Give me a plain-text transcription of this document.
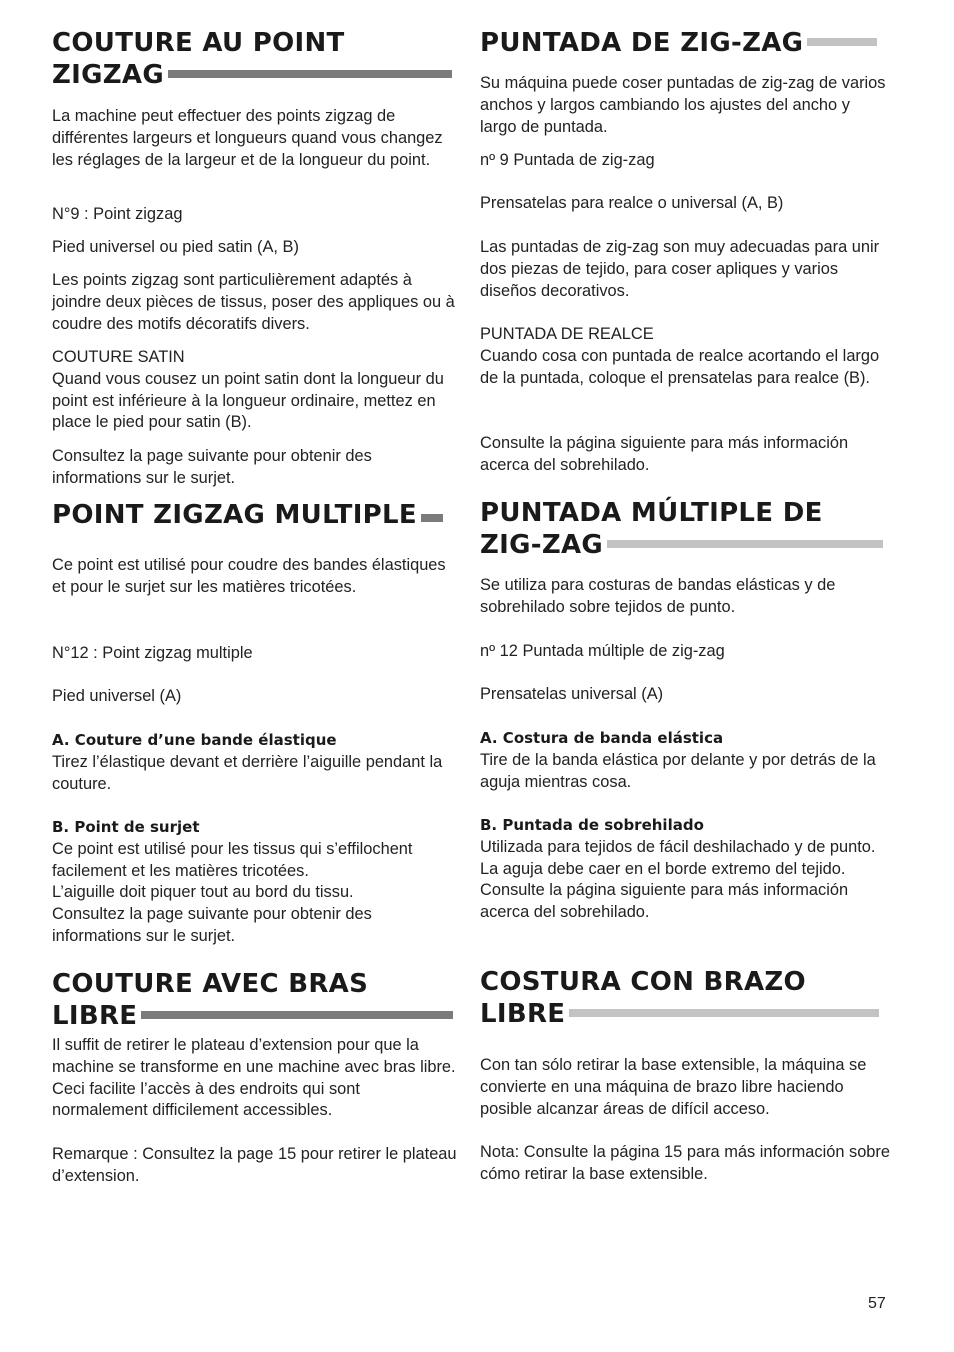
COUTURE AU POINT
ZIGZAG

La machine peut effectuer des points zigzag de différentes largeurs et longueurs quand vous changez les réglages de la largeur et de la longueur du point.

N°9 : Point zigzag

Pied universel ou pied satin (A, B)

Les points zigzag sont particulièrement adaptés à joindre deux pièces de tissus, poser des appliques ou à coudre des motifs décoratifs divers.

COUTURE SATIN

Quand vous cousez un point satin dont la longueur du point est inférieure à la longueur ordinaire, mettez en place le pied pour satin (B).

Consultez la page suivante pour obtenir des informations sur le surjet.

POINT ZIGZAG MULTIPLE

Ce point est utilisé pour coudre des bandes élastiques et pour le surjet sur les matières tricotées.

N°12 : Point zigzag multiple

Pied universel (A)

A. Couture d’une bande élastique

Tirez l’élastique devant et derrière l’aiguille pendant la couture.

B. Point de surjet

Ce point est utilisé pour les tissus qui s’effilochent facilement et les matières tricotées.

L’aiguille doit piquer tout au bord du tissu.

Consultez la page suivante pour obtenir des informations sur le surjet.

COUTURE AVEC BRAS
LIBRE

Il suffit de retirer le plateau d’extension pour que la machine se transforme en une machine avec bras libre. Ceci facilite l’accès à des endroits qui sont normalement difficilement accessibles.

Remarque : Consultez la page 15 pour retirer le plateau d’extension.

PUNTADA DE ZIG-ZAG

Su máquina puede coser puntadas de zig-zag de varios anchos y largos cambiando los ajustes del ancho y largo de puntada.

nº 9 Puntada de zig-zag

Prensatelas para realce o universal (A, B)

Las puntadas de zig-zag son muy adecuadas para unir dos piezas de tejido, para coser apliques y varios diseños decorativos.

PUNTADA DE REALCE

Cuando cosa con puntada de realce acortando el largo de la puntada, coloque el prensatelas para realce (B).

Consulte la página siguiente para más información acerca del sobrehilado.

PUNTADA MÚLTIPLE DE
ZIG-ZAG

Se utiliza para costuras de bandas elásticas y de sobrehilado sobre tejidos de punto.

nº 12 Puntada múltiple de zig-zag

Prensatelas universal (A)

A. Costura de banda elástica

Tire de la banda elástica por delante y por detrás de la aguja mientras cosa.

B. Puntada de sobrehilado

Utilizada para tejidos de fácil deshilachado y de punto.

La aguja debe caer en el borde extremo del tejido.

Consulte la página siguiente para más información acerca del sobrehilado.

COSTURA CON BRAZO
LIBRE

Con tan sólo retirar la base extensible, la máquina se convierte en una máquina de brazo libre haciendo posible alcanzar áreas de difícil acceso.

Nota: Consulte la página 15 para más información sobre cómo retirar la base extensible.

57
